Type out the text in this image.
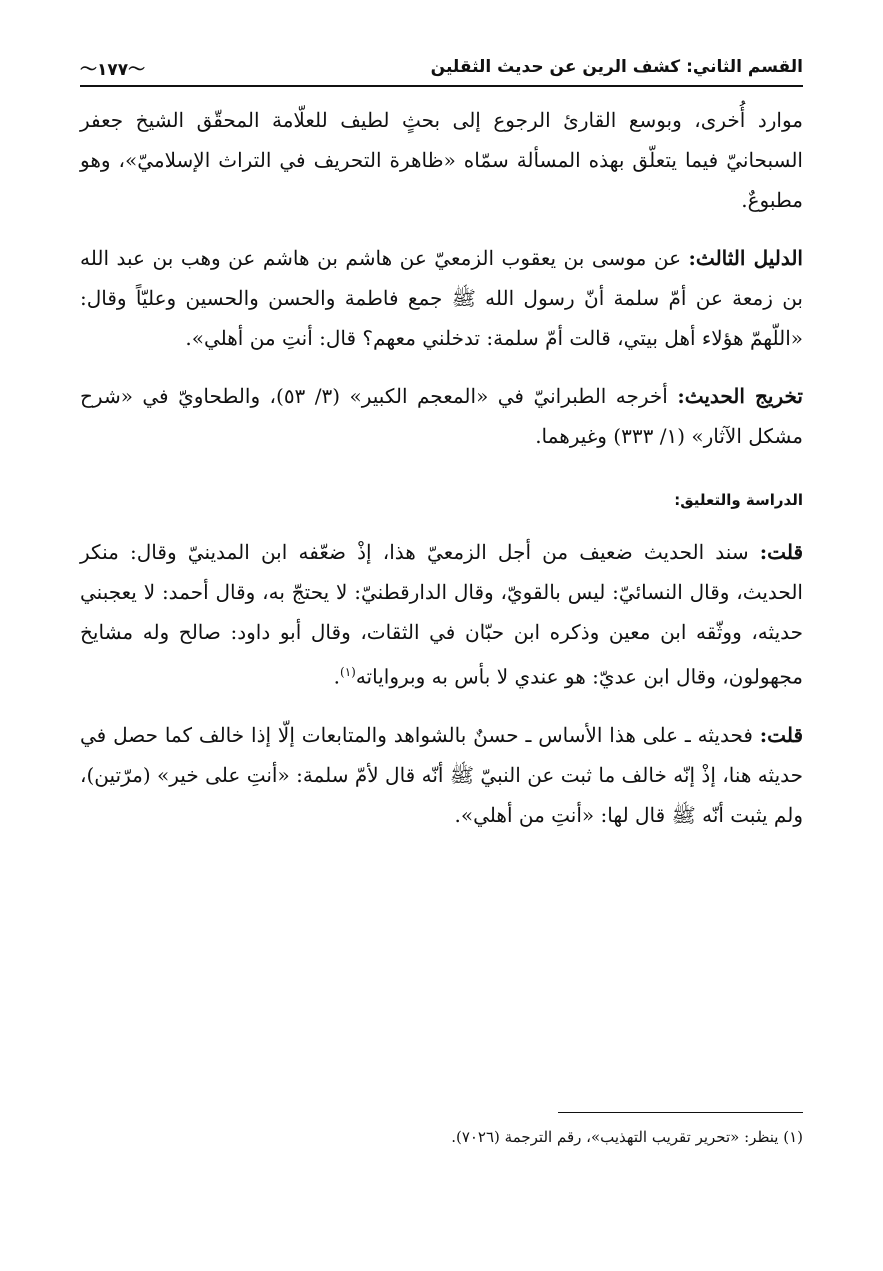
القسم الثاني: كشف الرين عن حديث الثقلين
〜١٧٧〜

موارد أُخرى، وبوسع القارئ الرجوع إلى بحثٍ لطيف للعلّامة المحقّق الشيخ جعفر السبحانيّ فيما يتعلّق بهذه المسألة سمّاه «ظاهرة التحريف في التراث الإسلاميّ»، وهو مطبوعٌ.

الدليل الثالث: عن موسى بن يعقوب الزمعيّ عن هاشم بن هاشم عن وهب بن عبد الله بن زمعة عن أمّ سلمة أنّ رسول الله ﷺ جمع فاطمة والحسن والحسين وعليّاً وقال: «اللّهمّ هؤلاء أهل بيتي، قالت أمّ سلمة: تدخلني معهم؟ قال: أنتِ من أهلي».

تخريج الحديث: أخرجه الطبرانيّ في «المعجم الكبير» (٣/ ٥٣)، والطحاويّ في «شرح مشكل الآثار» (١/ ٣٣٣) وغيرهما.

الدراسة والتعليق:

قلت: سند الحديث ضعيف من أجل الزمعيّ هذا، إذْ ضعّفه ابن المدينيّ وقال: منكر الحديث، وقال النسائيّ: ليس بالقويّ، وقال الدارقطنيّ: لا يحتجّ به، وقال أحمد: لا يعجبني حديثه، ووثّقه ابن معين وذكره ابن حبّان في الثقات، وقال أبو داود: صالح وله مشايخ مجهولون، وقال ابن عديّ: هو عندي لا بأس به وبرواياته$^{(١)}$.

قلت: فحديثه ـ على هذا الأساس ـ حسنٌ بالشواهد والمتابعات إلّا إذا خالف كما حصل في حديثه هنا، إذْ إنّه خالف ما ثبت عن النبيّ ﷺ أنّه قال لأمّ سلمة: «أنتِ على خير» (مرّتين)، ولم يثبت أنّه ﷺ قال لها: «أنتِ من أهلي».

(١) ينظر: «تحرير تقريب التهذيب»، رقم الترجمة (٧٠٢٦).
